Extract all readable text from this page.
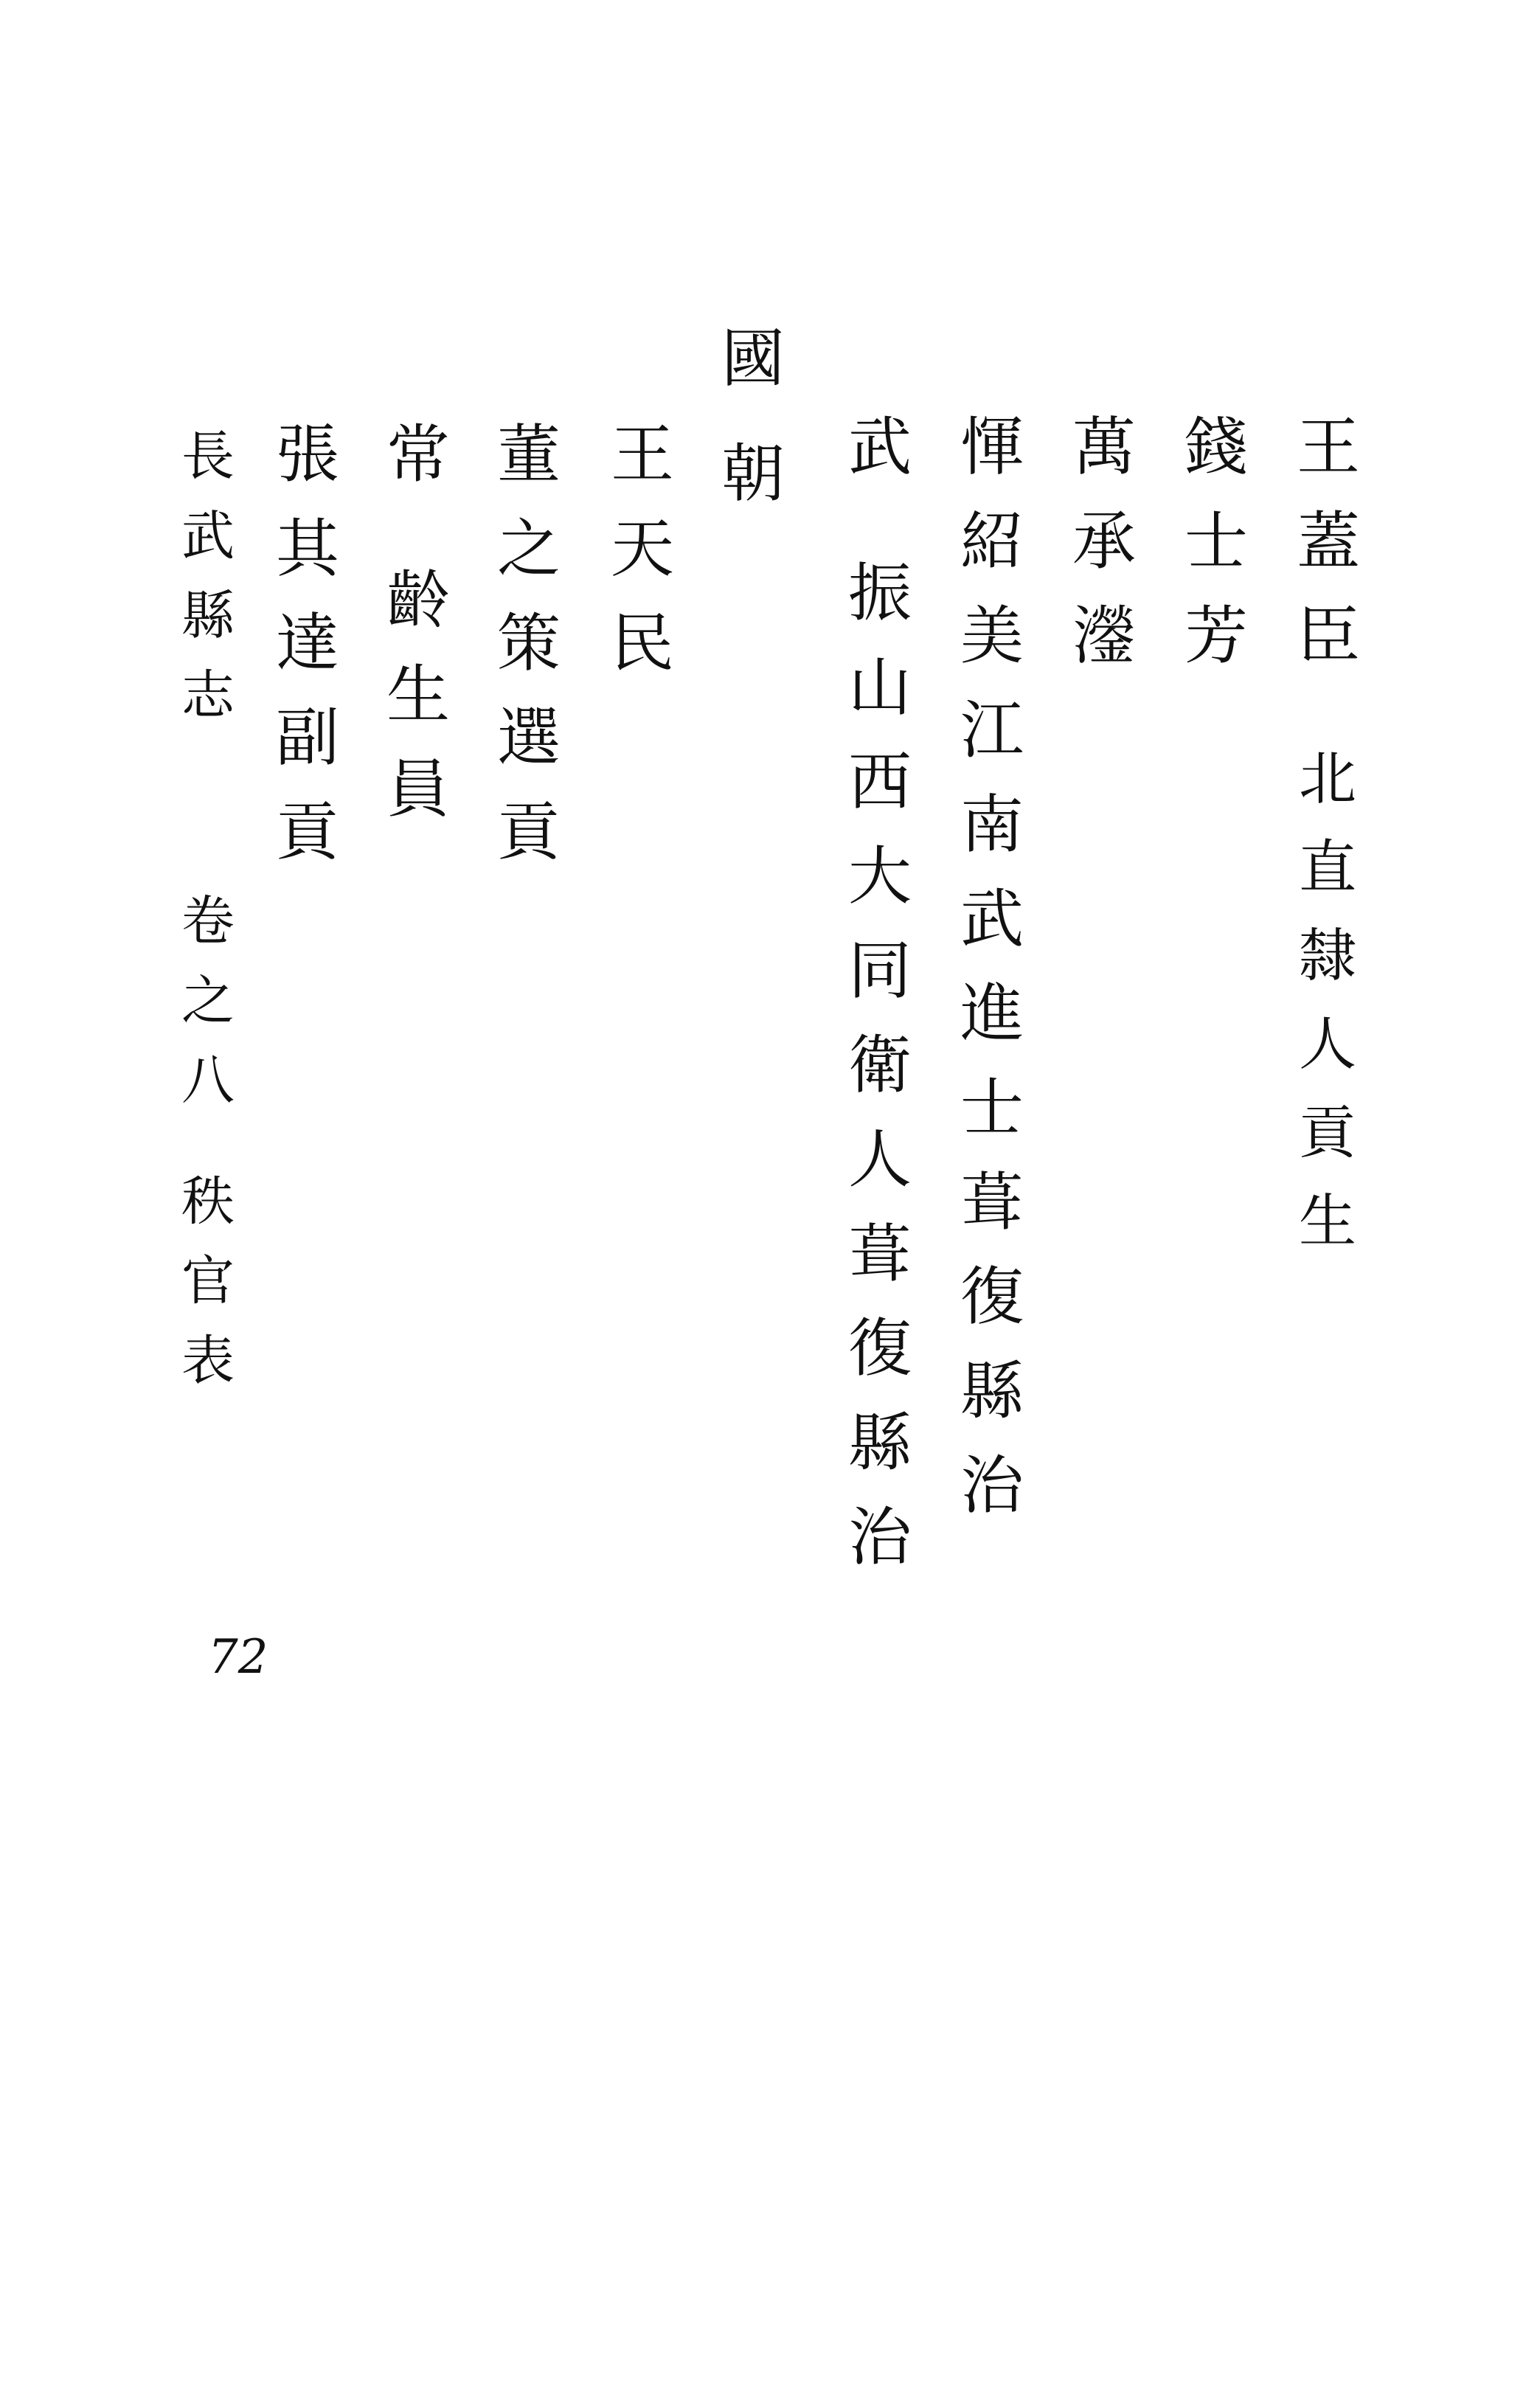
王蓋臣北直隸人貢生
錢士芳
萬承灐
惲紹美江南武進士葺復縣治
武振山西大同衛人葺復縣治
國朝
王天民
董之策選貢
常齡生員
張其達副貢
長武縣志
卷之八
秩官表
72
